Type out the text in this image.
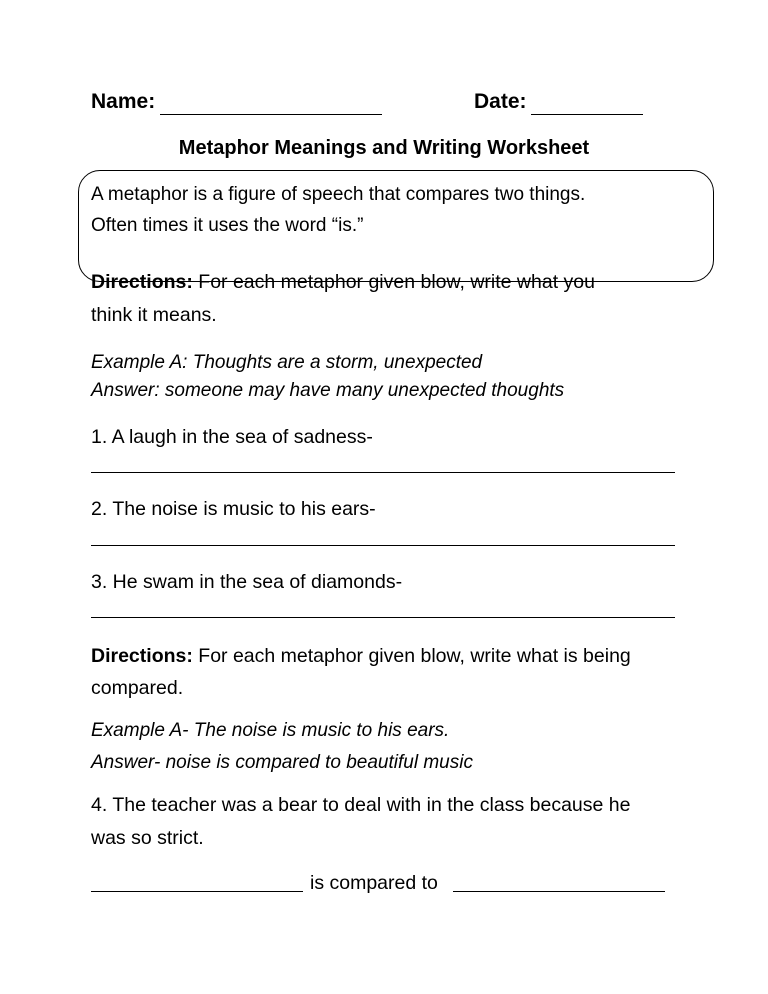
Name:	Date:
Metaphor Meanings and Writing Worksheet
A metaphor is a figure of speech that compares two things.
Often times it uses the word “is.”
Directions: For each metaphor given blow, write what you
think it means.
Example A: Thoughts are a storm, unexpected
Answer: someone may have many unexpected thoughts
1. A laugh in the sea of sadness-
2. The noise is music to his ears-
3. He swam in the sea of diamonds-
Directions: For each metaphor given blow, write what is being
compared.
Example A- The noise is music to his ears.
Answer- noise is compared to beautiful music
4. The teacher was a bear to deal with in the class because he
was so strict.
is compared to
